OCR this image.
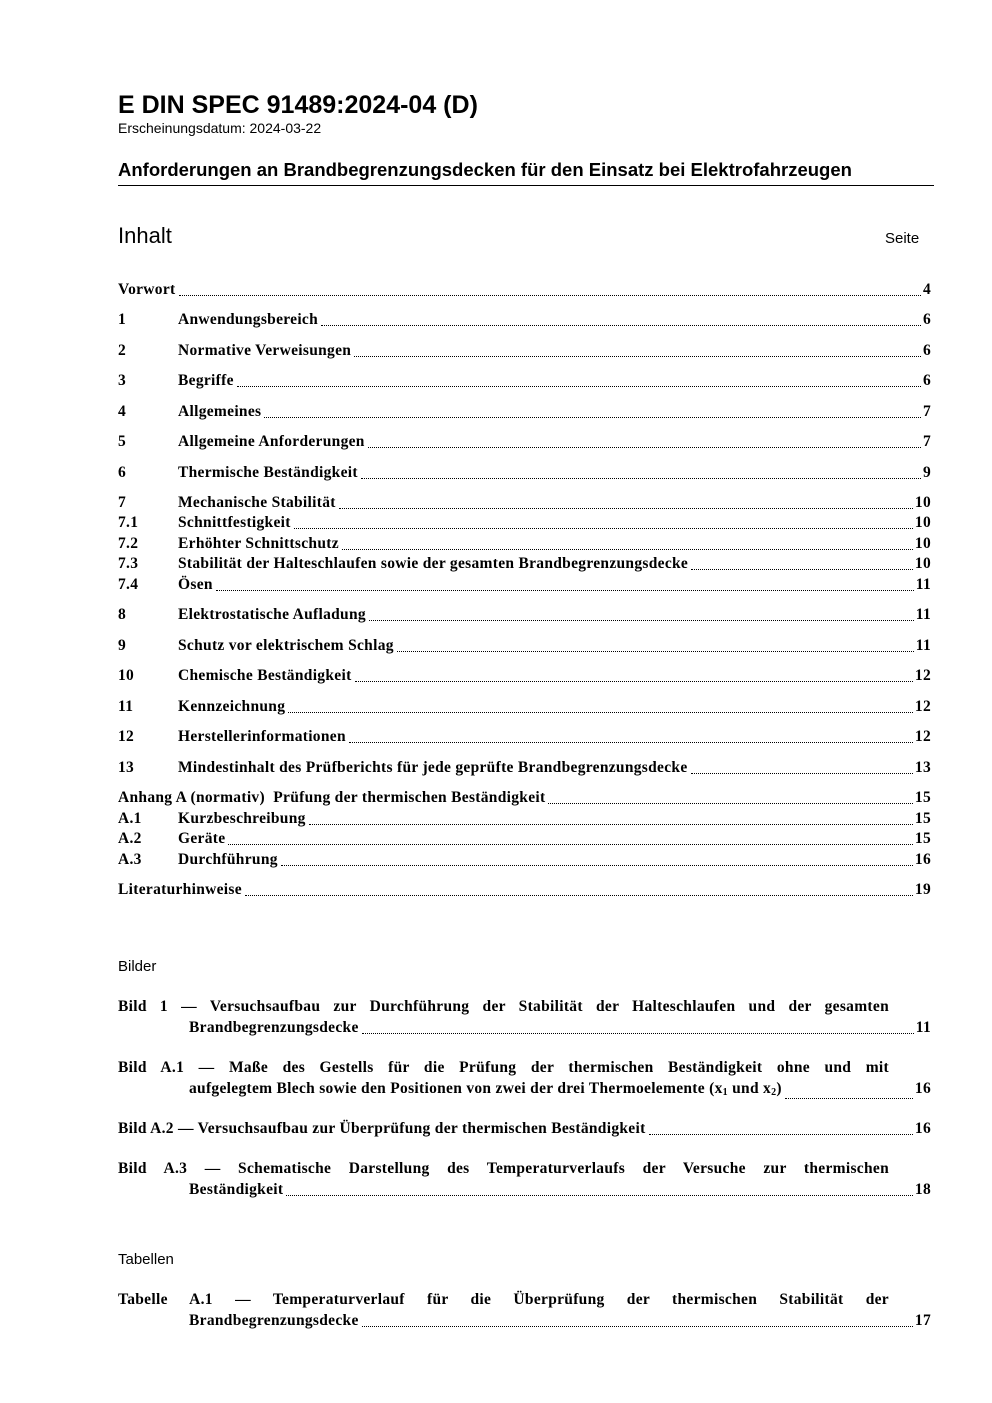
E DIN SPEC 91489:2024-04 (D)
Erscheinungsdatum: 2024-03-22
Anforderungen an Brandbegrenzungsdecken für den Einsatz bei Elektrofahrzeugen
Inhalt	Seite
Vorwort	4
1	Anwendungsbereich	6
2	Normative Verweisungen	6
3	Begriffe	6
4	Allgemeines	7
5	Allgemeine Anforderungen	7
6	Thermische Beständigkeit	9
7	Mechanische Stabilität	10
7.1	Schnittfestigkeit	10
7.2	Erhöhter Schnittschutz	10
7.3	Stabilität der Halteschlaufen sowie der gesamten Brandbegrenzungsdecke	10
7.4	Ösen	11
8	Elektrostatische Aufladung	11
9	Schutz vor elektrischem Schlag	11
10	Chemische Beständigkeit	12
11	Kennzeichnung	12
12	Herstellerinformationen	12
13	Mindestinhalt des Prüfberichts für jede geprüfte Brandbegrenzungsdecke	13
Anhang A (normativ)  Prüfung der thermischen Beständigkeit	15
A.1	Kurzbeschreibung	15
A.2	Geräte	15
A.3	Durchführung	16
Literaturhinweise	19
Bilder
Bild 1 — Versuchsaufbau zur Durchführung der Stabilität der Halteschlaufen und der gesamten
Brandbegrenzungsdecke	11
Bild A.1 — Maße des Gestells für die Prüfung der thermischen Beständigkeit ohne und mit
aufgelegtem Blech sowie den Positionen von zwei der drei Thermoelemente ($x_1$ und $x_2$)	16
Bild A.2 — Versuchsaufbau zur Überprüfung der thermischen Beständigkeit	16
Bild A.3 — Schematische Darstellung des Temperaturverlaufs der Versuche zur thermischen
Beständigkeit	18
Tabellen
Tabelle A.1 — Temperaturverlauf für die Überprüfung der thermischen Stabilität der
Brandbegrenzungsdecke	17
